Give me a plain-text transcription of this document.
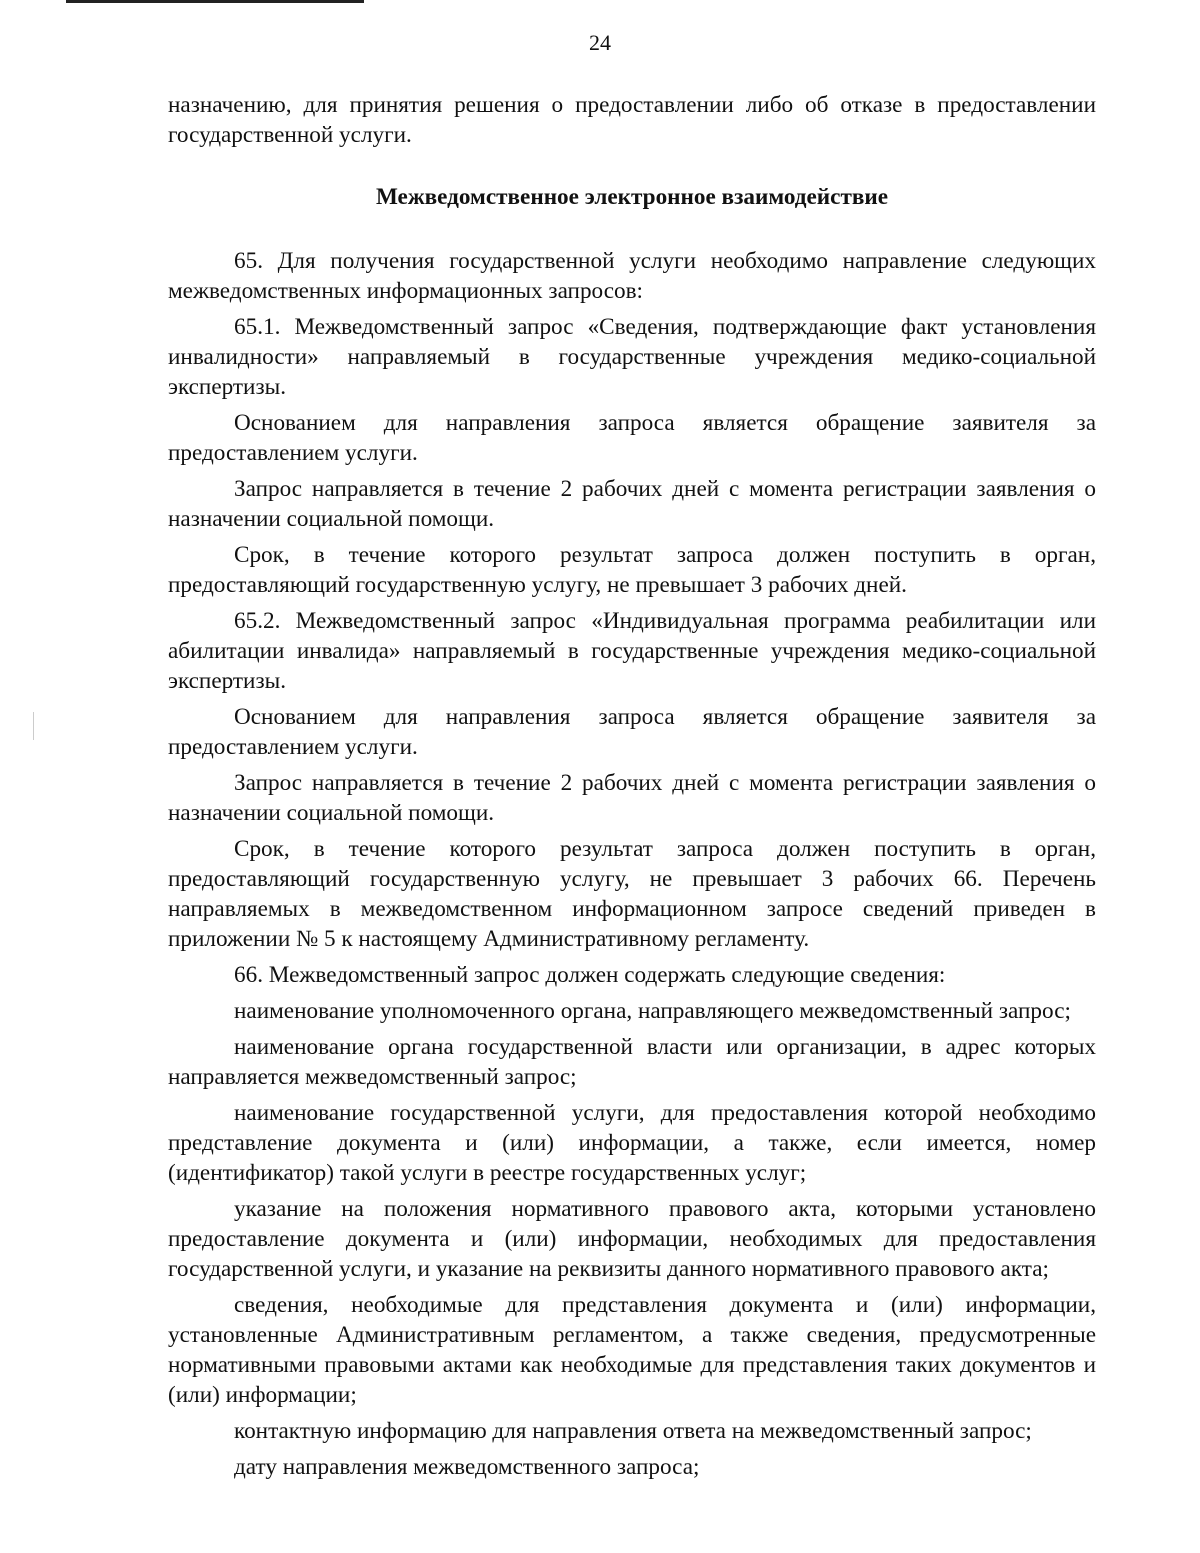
24

назначению, для принятия решения о предоставлении либо об отказе в предоставлении государственной услуги.

Межведомственное электронное взаимодействие

65. Для получения государственной услуги необходимо направление следующих межведомственных информационных запросов:

65.1. Межведомственный запрос «Сведения, подтверждающие факт установления инвалидности» направляемый в государственные учреждения медико-социальной экспертизы.

Основанием для направления запроса является обращение заявителя за предоставлением услуги.

Запрос направляется в течение 2 рабочих дней с момента регистрации заявления о назначении социальной помощи.

Срок, в течение которого результат запроса должен поступить в орган, предоставляющий государственную услугу, не превышает 3 рабочих дней.

65.2. Межведомственный запрос «Индивидуальная программа реабилитации или абилитации инвалида» направляемый в государственные учреждения медико-социальной экспертизы.

Основанием для направления запроса является обращение заявителя за предоставлением услуги.

Запрос направляется в течение 2 рабочих дней с момента регистрации заявления о назначении социальной помощи.

Срок, в течение которого результат запроса должен поступить в орган, предоставляющий государственную услугу, не превышает 3 рабочих 66. Перечень направляемых в межведомственном информационном запросе сведений приведен в приложении № 5 к настоящему Административному регламенту.

66. Межведомственный запрос должен содержать следующие сведения:

наименование уполномоченного органа, направляющего межведомственный запрос;

наименование органа государственной власти или организации, в адрес которых направляется межведомственный запрос;

наименование государственной услуги, для предоставления которой необходимо представление документа и (или) информации, а также, если имеется, номер (идентификатор) такой услуги в реестре государственных услуг;

указание на положения нормативного правового акта, которыми установлено предоставление документа и (или) информации, необходимых для предоставления государственной услуги, и указание на реквизиты данного нормативного правового акта;

сведения, необходимые для представления документа и (или) информации, установленные Административным регламентом, а также сведения, предусмотренные нормативными правовыми актами как необходимые для представления таких документов и (или) информации;

контактную информацию для направления ответа на межведомственный запрос;

дату направления межведомственного запроса;
